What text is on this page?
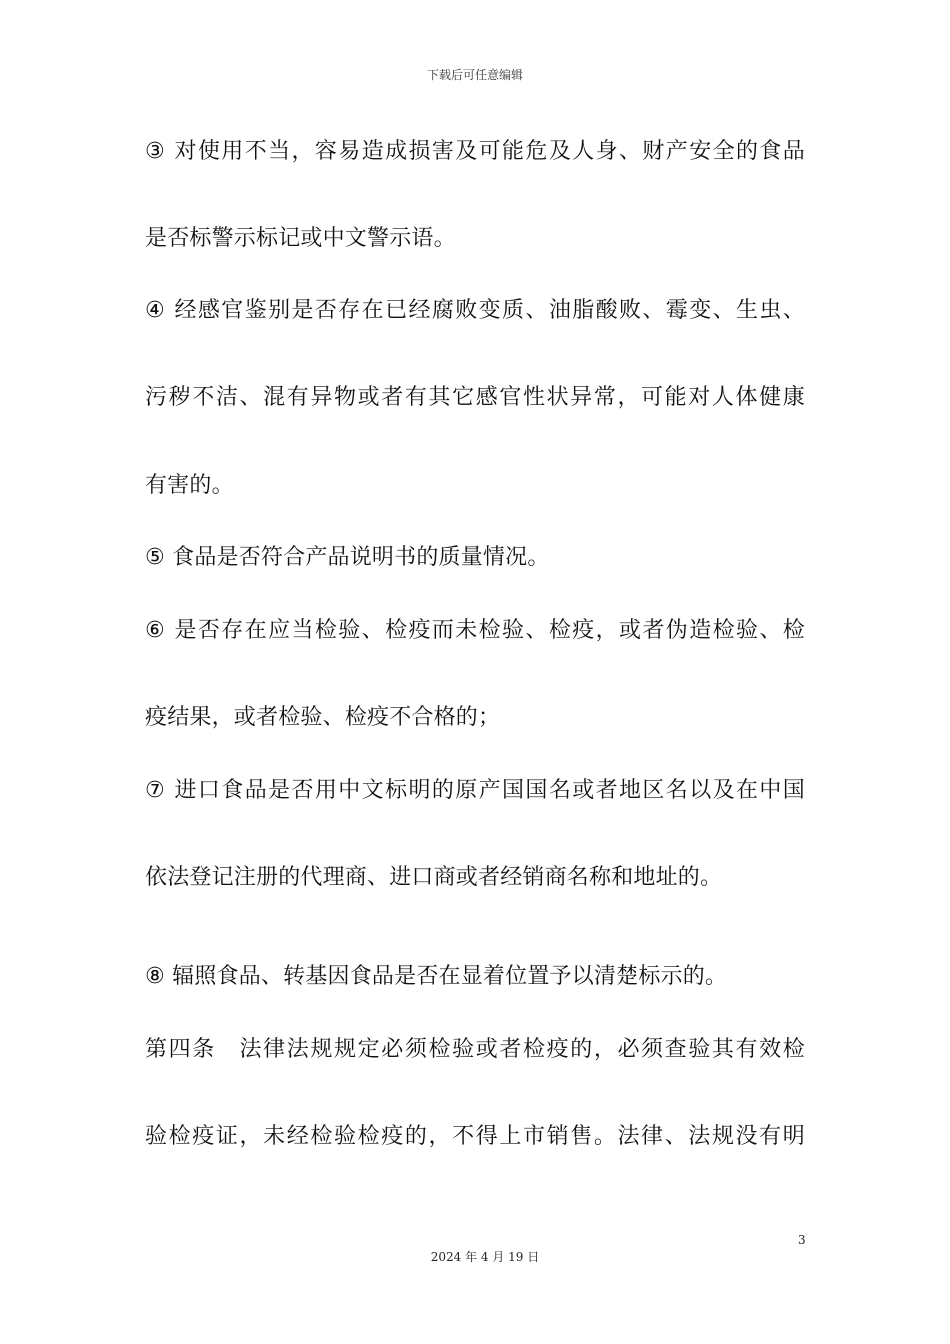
下载后可任意编辑
③ 对使用不当，容易造成损害及可能危及人身、财产安全的食品
是否标警示标记或中文警示语。
④ 经感官鉴别是否存在已经腐败变质、油脂酸败、霉变、生虫、
污秽不洁、混有异物或者有其它感官性状异常，可能对人体健康
有害的。
⑤ 食品是否符合产品说明书的质量情况。
⑥ 是否存在应当检验、检疫而未检验、检疫，或者伪造检验、检
疫结果，或者检验、检疫不合格的；
⑦ 进口食品是否用中文标明的原产国国名或者地区名以及在中国
依法登记注册的代理商、进口商或者经销商名称和地址的。
⑧ 辐照食品、转基因食品是否在显着位置予以清楚标示的。
第四条　法律法规规定必须检验或者检疫的，必须查验其有效检
验检疫证，未经检验检疫的，不得上市销售。法律、法规没有明
3
2024 年 4 月 19 日
